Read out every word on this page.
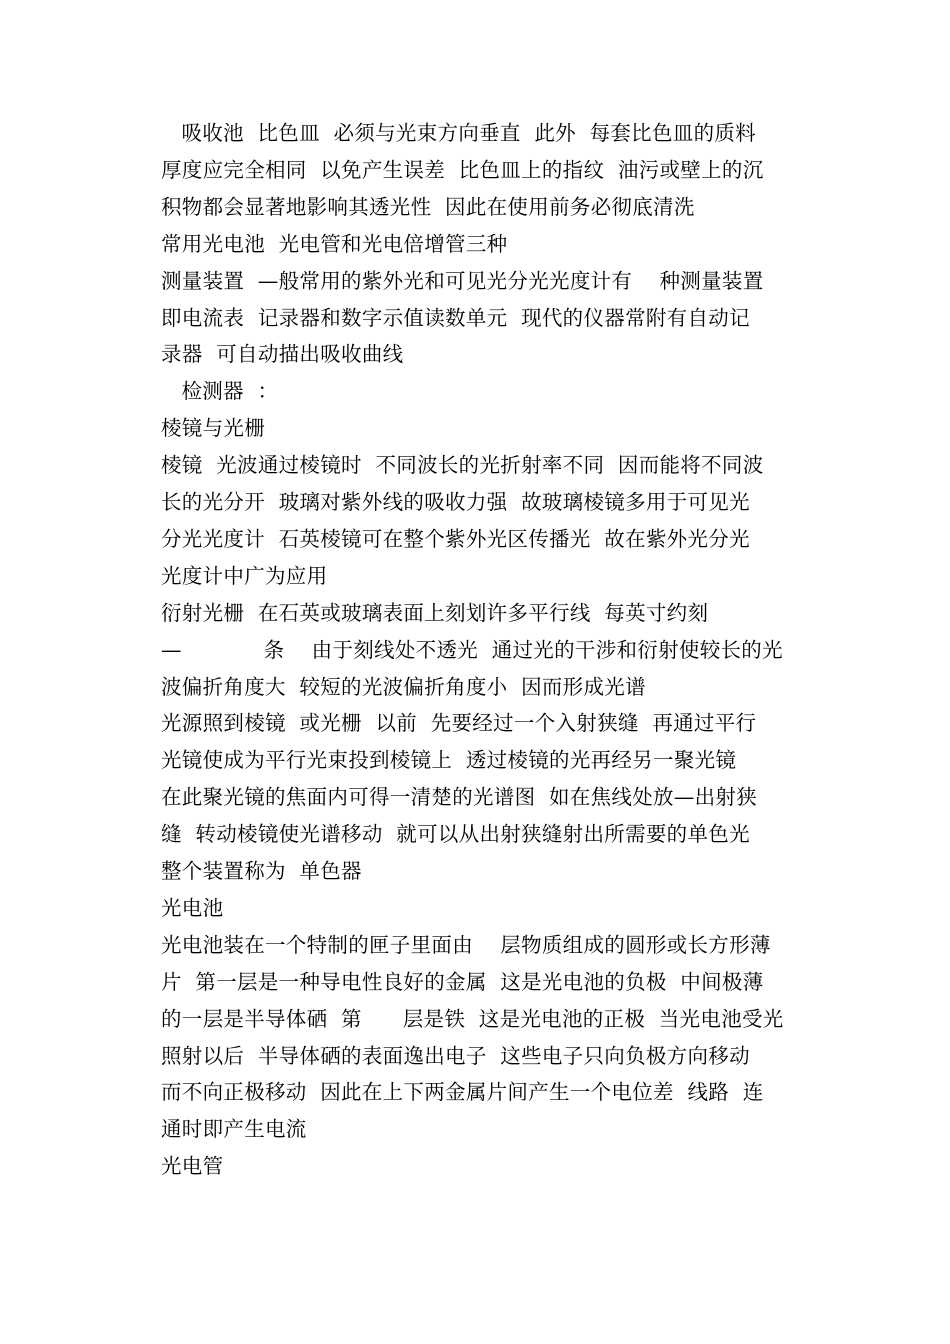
吸收池  比色皿  必须与光束方向垂直  此外  每套比色皿的质料
厚度应完全相同  以免产生误差  比色皿上的指纹  油污或壁上的沉
积物都会显著地影响其透光性  因此在使用前务必彻底清洗
常用光电池  光电管和光电倍增管三种
测量装置  —般常用的紫外光和可见光分光光度计有    种测量装置
即电流表  记录器和数字示值读数单元  现代的仪器常附有自动记
录器  可自动描出吸收曲线
检测器  ：
棱镜与光栅
棱镜  光波通过棱镜时  不同波长的光折射率不同  因而能将不同波
长的光分开  玻璃对紫外线的吸收力强  故玻璃棱镜多用于可见光
分光光度计  石英棱镜可在整个紫外光区传播光  故在紫外光分光
光度计中广为应用
衍射光栅  在石英或玻璃表面上刻划许多平行线  每英寸约刻
—            条    由于刻线处不透光  通过光的干涉和衍射使较长的光
波偏折角度大  较短的光波偏折角度小  因而形成光谱
光源照到棱镜  或光栅  以前  先要经过一个入射狭缝  再通过平行
光镜使成为平行光束投到棱镜上  透过棱镜的光再经另一聚光镜
在此聚光镜的焦面内可得一清楚的光谱图  如在焦线处放—出射狭
缝  转动棱镜使光谱移动  就可以从出射狭缝射出所需要的单色光
整个装置称为  单色器
光电池
光电池装在一个特制的匣子里面由    层物质组成的圆形或长方形薄
片  第一层是一种导电性良好的金属  这是光电池的负极  中间极薄
的一层是半导体硒  第      层是铁  这是光电池的正极  当光电池受光
照射以后  半导体硒的表面逸出电子  这些电子只向负极方向移动
而不向正极移动  因此在上下两金属片间产生一个电位差  线路  连
通时即产生电流
光电管
